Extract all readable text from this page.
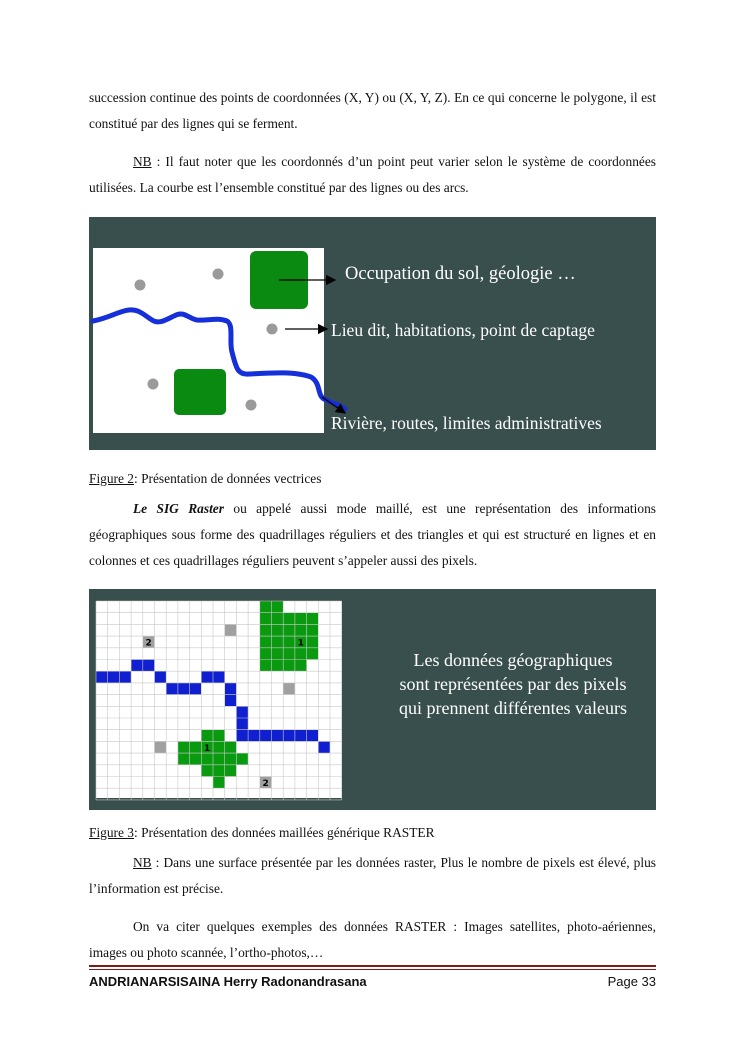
succession continue des points de coordonnées (X, Y) ou (X, Y, Z). En ce qui concerne le polygone, il est constitué par des lignes qui se ferment.

NB : Il faut noter que les coordonnés d’un point peut varier selon le système de coordonnées utilisées. La courbe est l’ensemble constitué par des lignes ou des arcs.

Occupation du sol, géologie …
Lieu dit, habitations, point de captage
Rivière, routes, limites administratives

Figure 2: Présentation de données vectrices

Le SIG Raster ou appelé aussi mode maillé, est une représentation des informations géographiques sous forme des quadrillages réguliers et des triangles et qui est structuré en lignes et en colonnes et ces quadrillages réguliers peuvent s’appeler aussi des pixels.

1
1
2
2
Les données géographiques
sont représentées par des pixels
qui prennent différentes valeurs

Figure 3: Présentation des données maillées générique RASTER

NB : Dans une surface présentée par les données raster, Plus le nombre de pixels est élevé, plus l’information est précise.

On va citer quelques exemples des données RASTER : Images satellites, photo-aériennes, images ou photo scannée, l’ortho-photos,…

ANDRIANARSISAINA Herry Radonandrasana	Page 33
